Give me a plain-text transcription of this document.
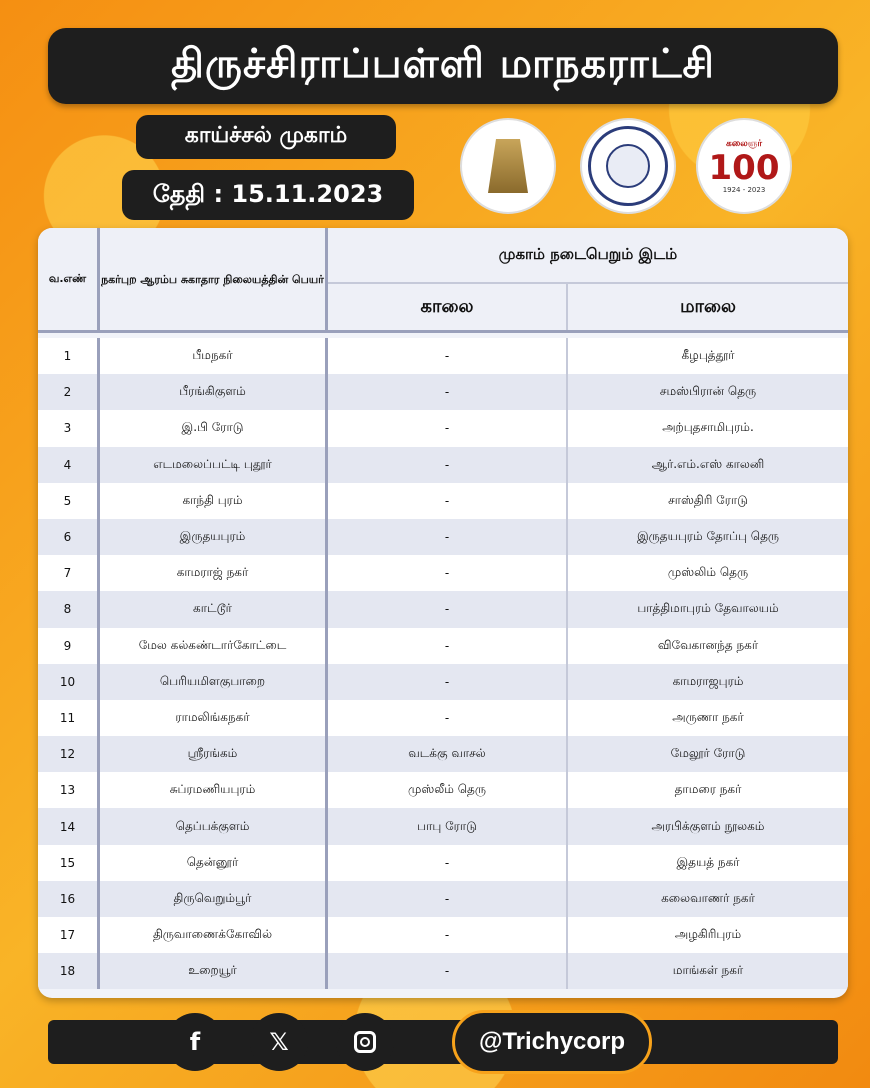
திருச்சிராப்பள்ளி மாநகராட்சி
காய்ச்சல் முகாம்
தேதி : 15.11.2023
கலைஞர்
100
1924 - 2023
வ.எண்	நகர்புற ஆரம்ப சுகாதார நிலையத்தின் பெயர்
முகாம் நடைபெறும் இடம்
காலை	மாலை
1	பீமநகர்	-	கீழபுத்தூர்
2	பீரங்கிகுளம்	-	சமஸ்பிரான் தெரு
3	இ.பி ரோடு	-	அற்புதசாமிபுரம்.
4	எடமலைப்பட்டி புதூர்	-	ஆர்.எம்.எஸ் காலனி
5	காந்தி புரம்	-	சாஸ்திரி ரோடு
6	இருதயபுரம்	-	இருதயபுரம் தோப்பு தெரு
7	காமராஜ் நகர்	-	முஸ்லிம் தெரு
8	காட்டூர்	-	பாத்திமாபுரம் தேவாலயம்
9	மேல கல்கண்டார்கோட்டை	-	விவேகானந்த நகர்
10	பெரியமிளகுபாறை	-	காமராஜபுரம்
11	ராமலிங்கநகர்	-	அருணா நகர்
12	ஸ்ரீரங்கம்	வடக்கு வாசல்	மேலூர் ரோடு
13	சுப்ரமணியபுரம்	முஸ்லீம் தெரு	தாமரை நகர்
14	தெப்பக்குளம்	பாபு ரோடு	அரபிக்குளம் நூலகம்
15	தென்னூர்	-	இதயத் நகர்
16	திருவெறும்பூர்	-	கலைவாணர் நகர்
17	திருவாணைக்கோவில்	-	அழகிரிபுரம்
18	உறையூர்	-	மாங்கள் நகர்
f	𝕏	@Trichycorp
